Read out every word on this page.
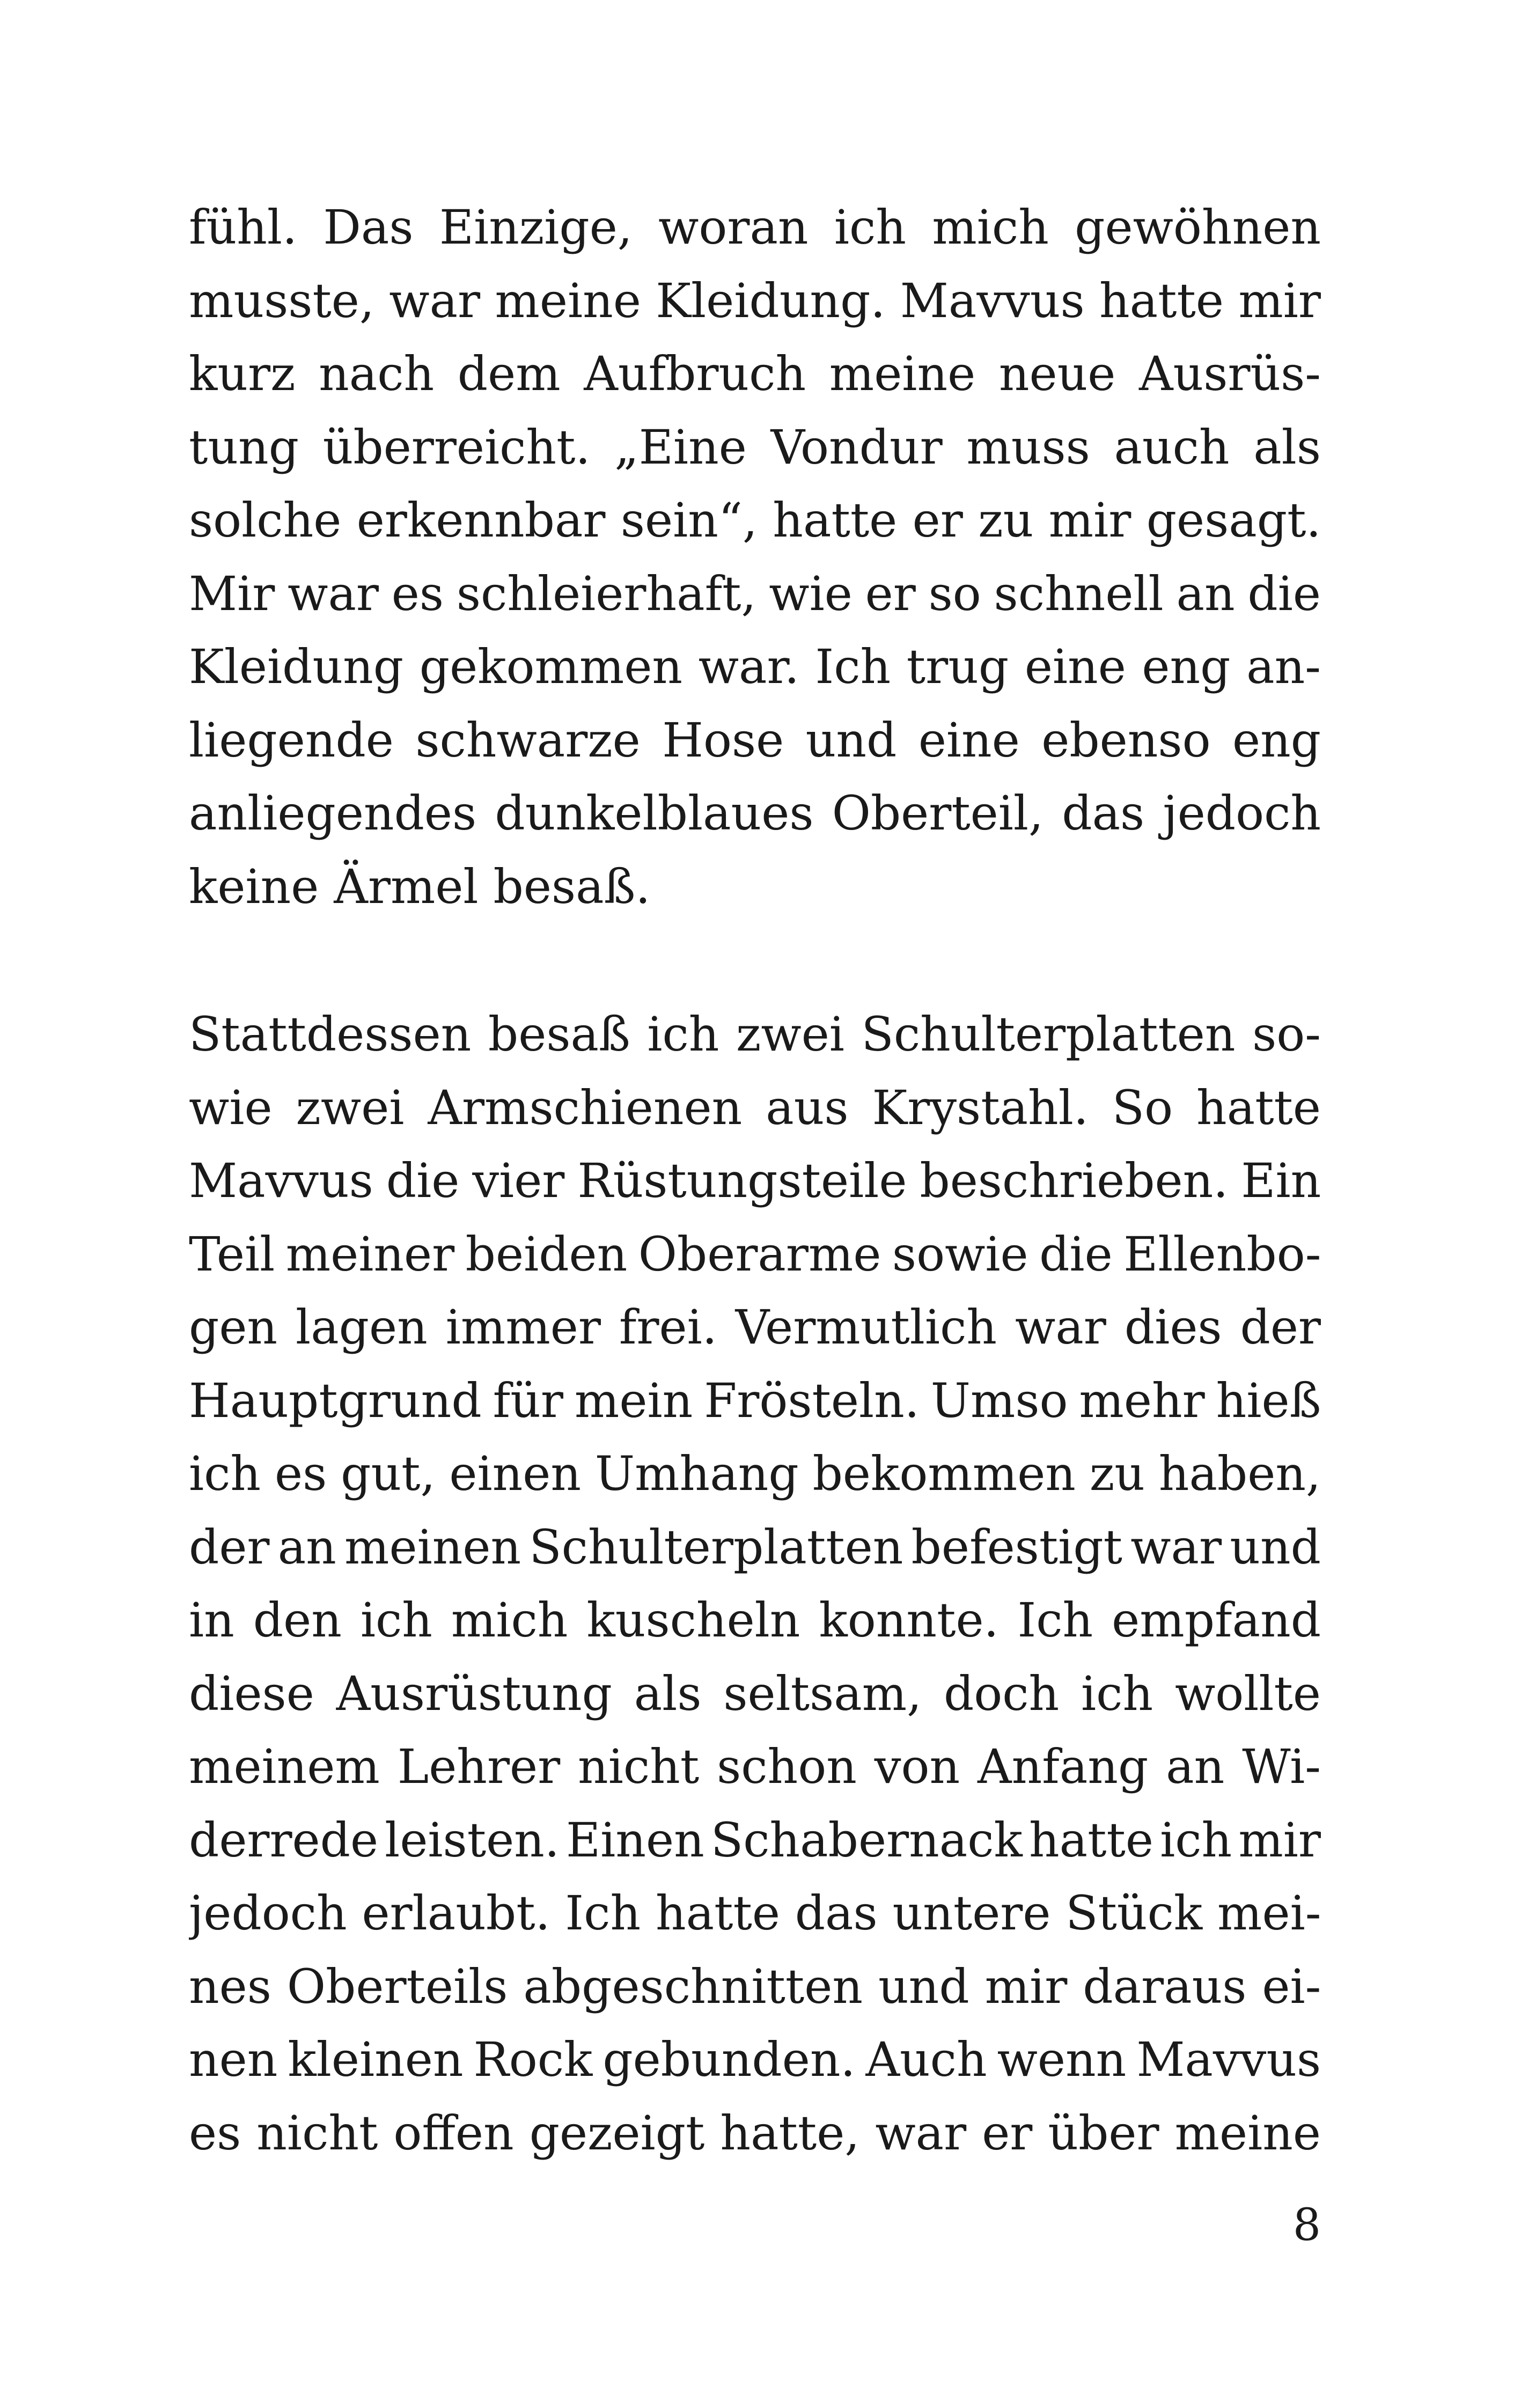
fühl. Das Einzige, woran ich mich gewöhnen
musste, war meine Kleidung. Mavvus hatte mir
kurz nach dem Aufbruch meine neue Ausrüs-
tung überreicht. „Eine Vondur muss auch als
solche erkennbar sein“, hatte er zu mir gesagt.
Mir war es schleierhaft, wie er so schnell an die
Kleidung gekommen war. Ich trug eine eng an-
liegende schwarze Hose und eine ebenso eng
anliegendes dunkelblaues Oberteil, das jedoch
keine Ärmel besaß.
Stattdessen besaß ich zwei Schulterplatten so-
wie zwei Armschienen aus Krystahl. So hatte
Mavvus die vier Rüstungsteile beschrieben. Ein
Teil meiner beiden Oberarme sowie die Ellenbo-
gen lagen immer frei. Vermutlich war dies der
Hauptgrund für mein Frösteln. Umso mehr hieß
ich es gut, einen Umhang bekommen zu haben,
der an meinen Schulterplatten befestigt war und
in den ich mich kuscheln konnte. Ich empfand
diese Ausrüstung als seltsam, doch ich wollte
meinem Lehrer nicht schon von Anfang an Wi-
derrede leisten. Einen Schabernack hatte ich mir
jedoch erlaubt. Ich hatte das untere Stück mei-
nes Oberteils abgeschnitten und mir daraus ei-
nen kleinen Rock gebunden. Auch wenn Mavvus
es nicht offen gezeigt hatte, war er über meine
8
